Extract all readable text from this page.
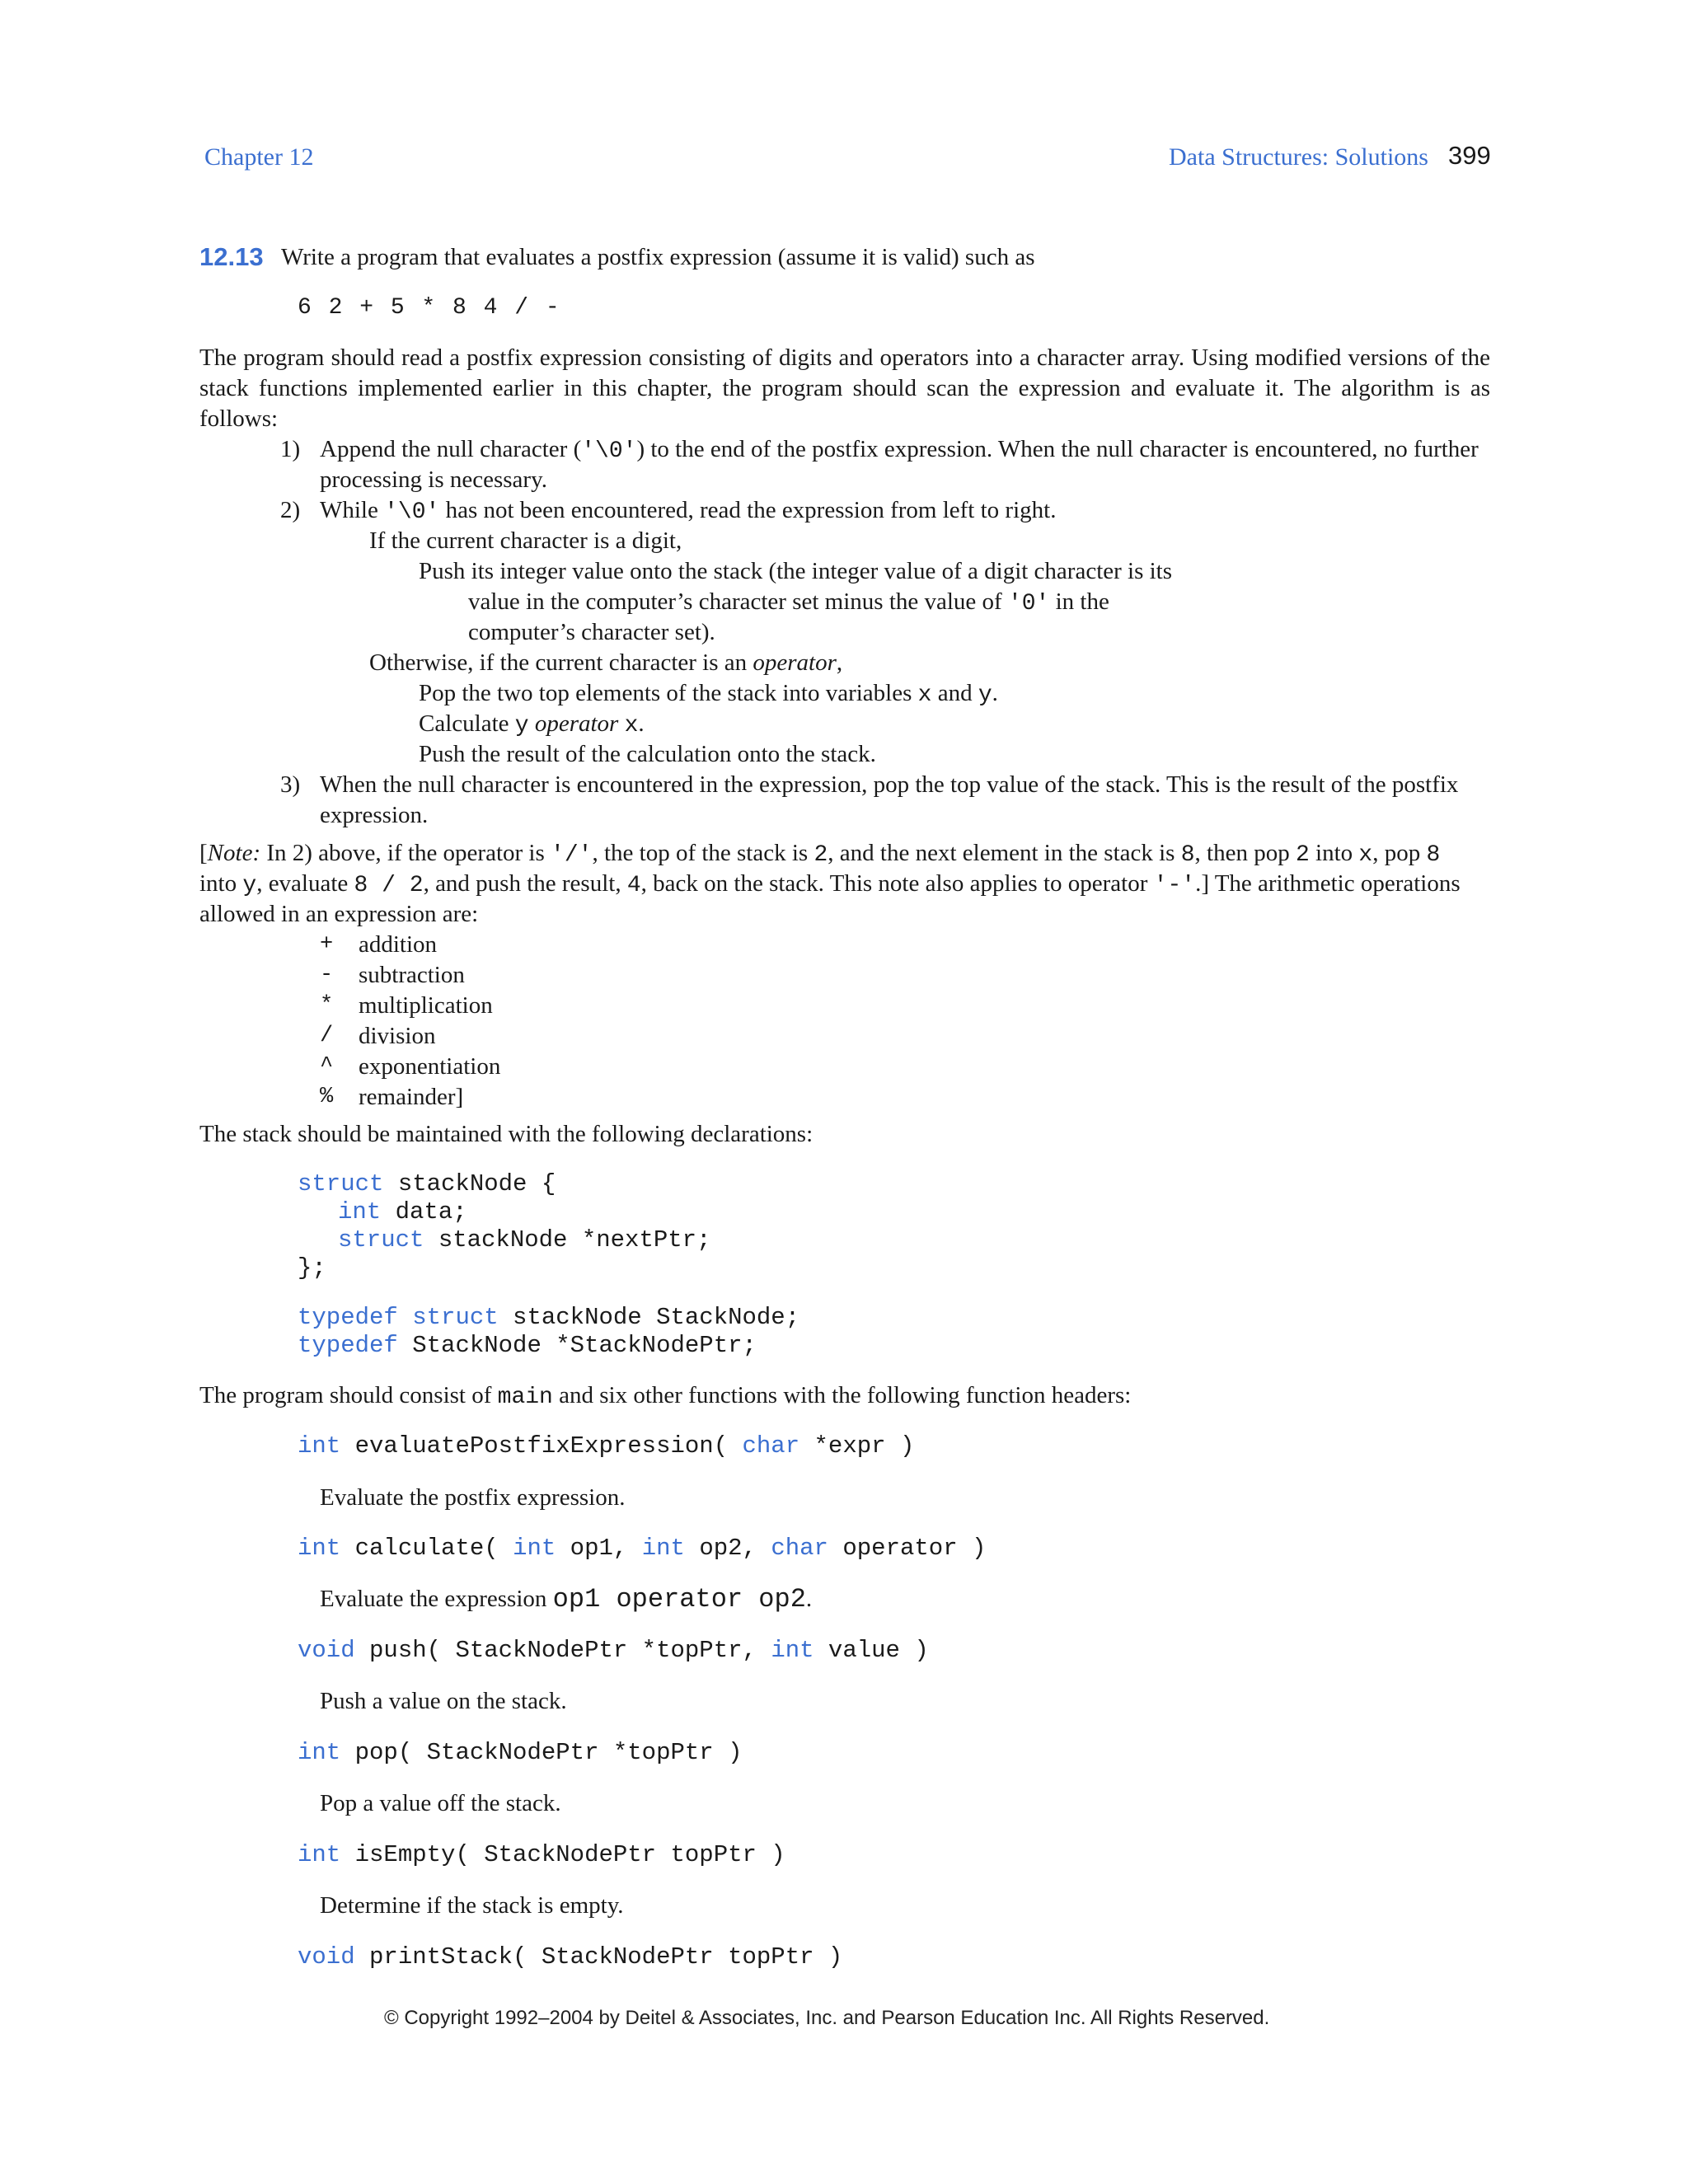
Chapter 12	Data Structures: Solutions 399
12.13 Write a program that evaluates a postfix expression (assume it is valid) such as
6 2 + 5 * 8 4 / -
The program should read a postfix expression consisting of digits and operators into a character array. Using modified versions of the stack functions implemented earlier in this chapter, the program should scan the expression and evaluate it. The algorithm is as follows:
1) Append the null character ('\0') to the end of the postfix expression. When the null character is encountered, no further
processing is necessary.
2) While '\0' has not been encountered, read the expression from left to right.
If the current character is a digit,
Push its integer value onto the stack (the integer value of a digit character is its
value in the computer’s character set minus the value of '0' in the
computer’s character set).
Otherwise, if the current character is an operator,
Pop the two top elements of the stack into variables x and y.
Calculate y operator x.
Push the result of the calculation onto the stack.
3) When the null character is encountered in the expression, pop the top value of the stack. This is the result of the postfix
expression.
[Note: In 2) above, if the operator is '/', the top of the stack is 2, and the next element in the stack is 8, then pop 2 into x, pop 8
into y, evaluate 8 / 2, and push the result, 4, back on the stack. This note also applies to operator '-'.] The arithmetic operations
allowed in an expression are:
+	addition
-	subtraction
*	multiplication
/	division
^	exponentiation
%	remainder]
The stack should be maintained with the following declarations:
struct stackNode {
int data;
struct stackNode *nextPtr;
};
typedef struct stackNode StackNode;
typedef StackNode *StackNodePtr;
The program should consist of main and six other functions with the following function headers:
int evaluatePostfixExpression( char *expr )
Evaluate the postfix expression.
int calculate( int op1, int op2, char operator )
Evaluate the expression op1 operator op2.
void push( StackNodePtr *topPtr, int value )
Push a value on the stack.
int pop( StackNodePtr *topPtr )
Pop a value off the stack.
int isEmpty( StackNodePtr topPtr )
Determine if the stack is empty.
void printStack( StackNodePtr topPtr )
© Copyright 1992–2004 by Deitel & Associates, Inc. and Pearson Education Inc. All Rights Reserved.
